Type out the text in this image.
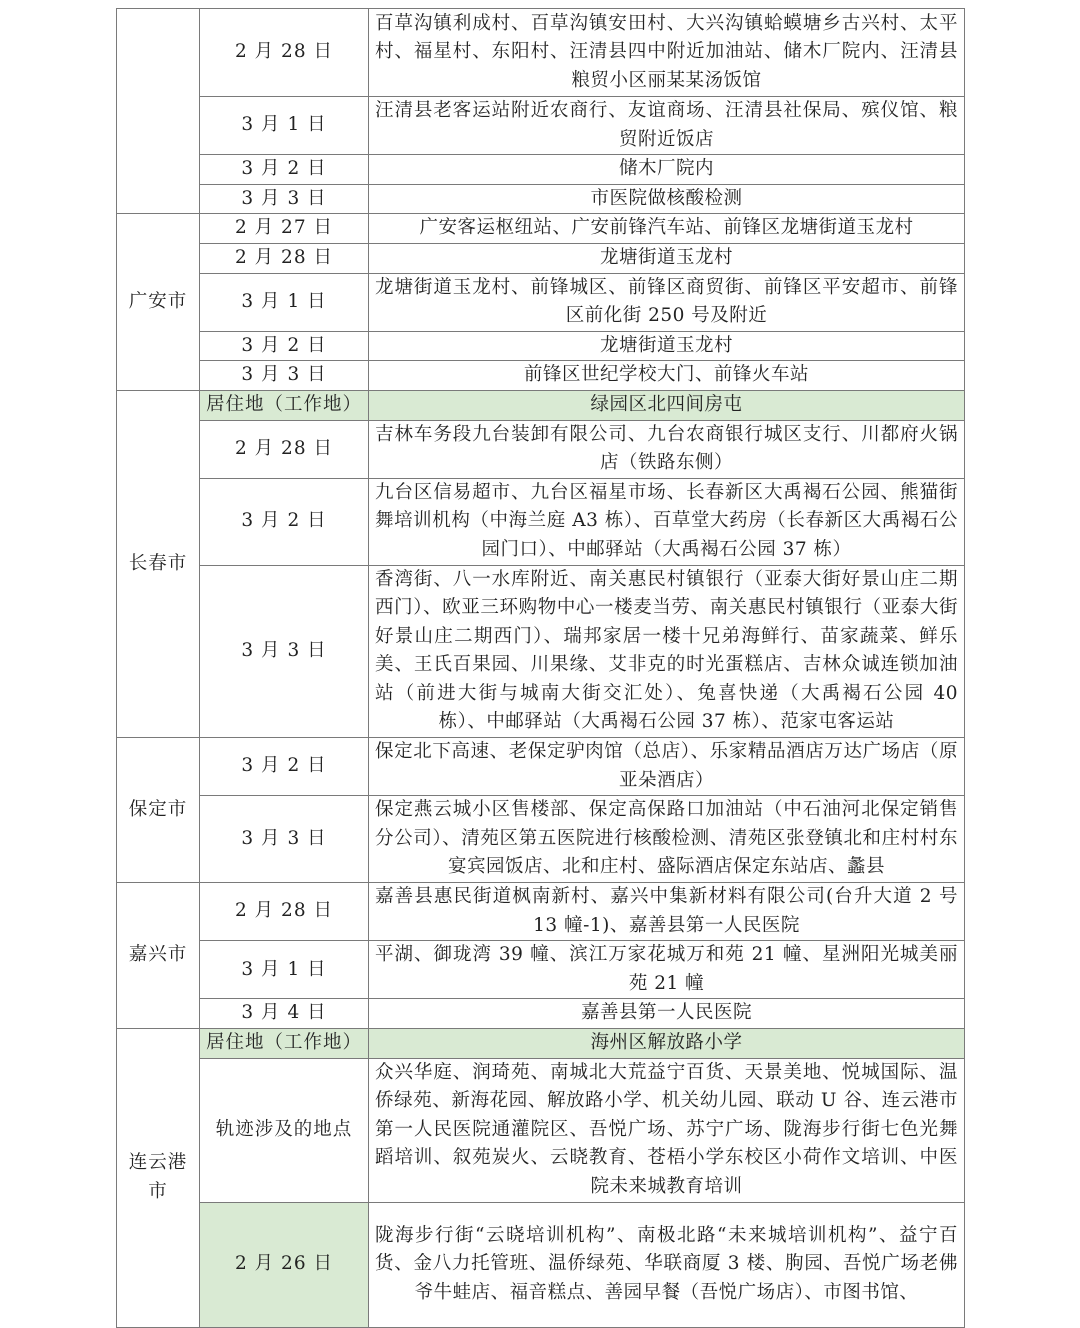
	2 月 28 日	百草沟镇利成村、百草沟镇安田村、大兴沟镇蛤蟆塘乡古兴村、太平村、福星村、东阳村、汪清县四中附近加油站、储木厂院内、汪清县粮贸小区丽某某汤饭馆
	3 月 1 日	汪清县老客运站附近农商行、友谊商场、汪清县社保局、殡仪馆、粮贸附近饭店
	3 月 2 日	储木厂院内
	3 月 3 日	市医院做核酸检测
广安市	2 月 27 日	广安客运枢纽站、广安前锋汽车站、前锋区龙塘街道玉龙村
	2 月 28 日	龙塘街道玉龙村
	3 月 1 日	龙塘街道玉龙村、前锋城区、前锋区商贸街、前锋区平安超市、前锋区前化街 250 号及附近
	3 月 2 日	龙塘街道玉龙村
	3 月 3 日	前锋区世纪学校大门、前锋火车站
长春市	居住地（工作地）	绿园区北四间房屯
	2 月 28 日	吉林车务段九台装卸有限公司、九台农商银行城区支行、川都府火锅店（铁路东侧）
	3 月 2 日	九台区信易超市、九台区福星市场、长春新区大禹褐石公园、熊猫街舞培训机构（中海兰庭 A3 栋）、百草堂大药房（长春新区大禹褐石公园门口）、中邮驿站（大禹褐石公园 37 栋）
	3 月 3 日	香湾街、八一水库附近、南关惠民村镇银行（亚泰大街好景山庄二期西门）、欧亚三环购物中心一楼麦当劳、南关惠民村镇银行（亚泰大街好景山庄二期西门）、瑞邦家居一楼十兄弟海鲜行、苗家蔬菜、鲜乐美、王氏百果园、川果缘、艾非克的时光蛋糕店、吉林众诚连锁加油站（前进大街与城南大街交汇处）、兔喜快递（大禹褐石公园 40 栋）、中邮驿站（大禹褐石公园 37 栋）、范家屯客运站
保定市	3 月 2 日	保定北下高速、老保定驴肉馆（总店）、乐家精品酒店万达广场店（原亚朵酒店）
	3 月 3 日	保定燕云城小区售楼部、保定高保路口加油站（中石油河北保定销售分公司）、清苑区第五医院进行核酸检测、清苑区张登镇北和庄村村东宴宾园饭店、北和庄村、盛际酒店保定东站店、蠡县
嘉兴市	2 月 28 日	嘉善县惠民街道枫南新村、嘉兴中集新材料有限公司(台升大道 2 号 13 幢-1)、嘉善县第一人民医院
	3 月 1 日	平湖、御珑湾 39 幢、滨江万家花城万和苑 21 幢、星洲阳光城美丽苑 21 幢
	3 月 4 日	嘉善县第一人民医院
连云港市	居住地（工作地）	海州区解放路小学
	轨迹涉及的地点	众兴华庭、润琦苑、南城北大荒益宁百货、天景美地、悦城国际、温侨绿苑、新海花园、解放路小学、机关幼儿园、联动 U 谷、连云港市第一人民医院通灌院区、吾悦广场、苏宁广场、陇海步行街七色光舞蹈培训、叙苑炭火、云晓教育、苍梧小学东校区小荷作文培训、中医院未来城教育培训
	2 月 26 日	陇海步行街“云晓培训机构”、南极北路“未来城培训机构”、益宁百货、金八力托管班、温侨绿苑、华联商厦 3 楼、朐园、吾悦广场老佛爷牛蛙店、福音糕点、善园早餐（吾悦广场店）、市图书馆、
